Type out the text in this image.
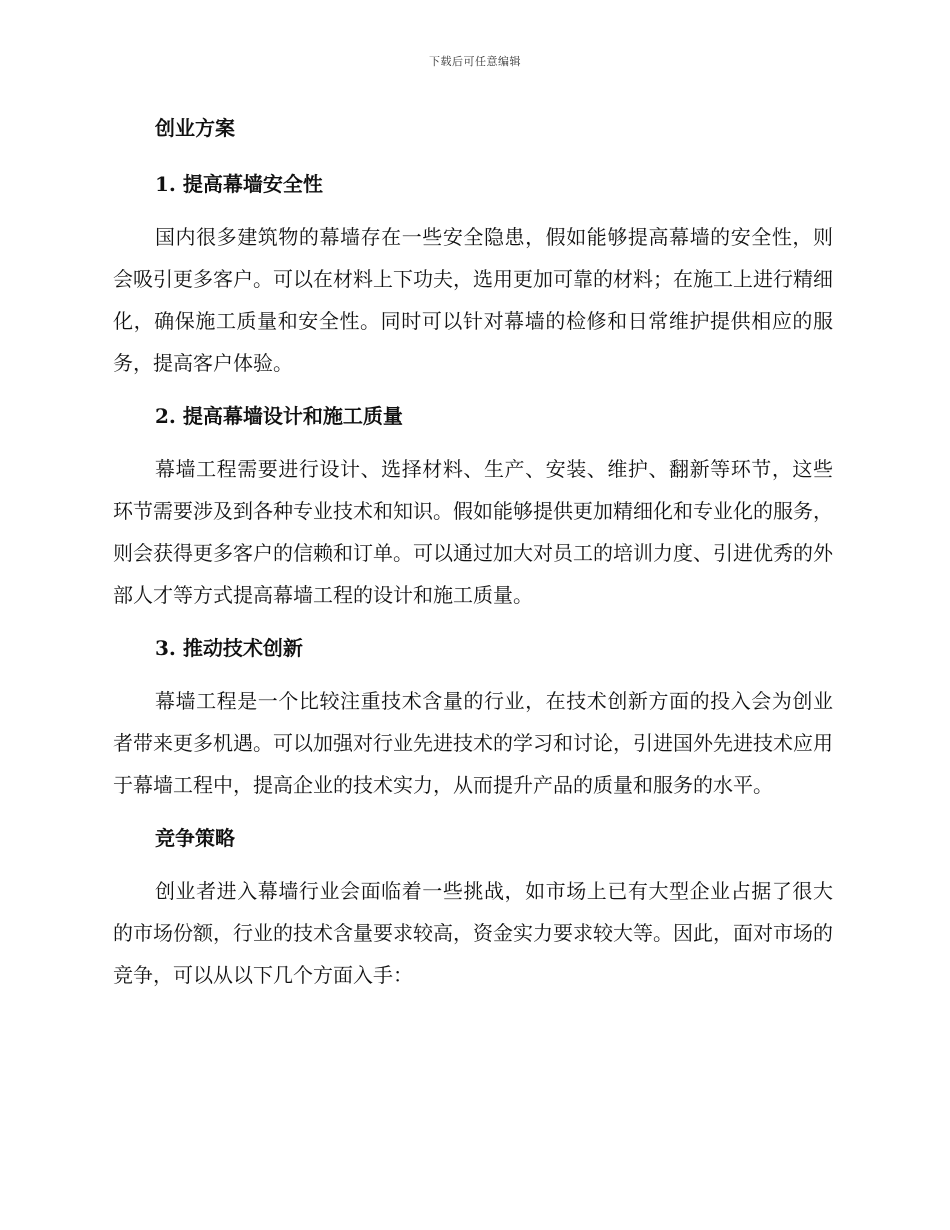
下载后可任意编辑
创业方案
1. 提高幕墙安全性

国内很多建筑物的幕墙存在一些安全隐患，假如能够提高幕墙的安全性，则会吸引更多客户。可以在材料上下功夫，选用更加可靠的材料；在施工上进行精细化，确保施工质量和安全性。同时可以针对幕墙的检修和日常维护提供相应的服务，提高客户体验。

2. 提高幕墙设计和施工质量

幕墙工程需要进行设计、选择材料、生产、安装、维护、翻新等环节，这些环节需要涉及到各种专业技术和知识。假如能够提供更加精细化和专业化的服务，则会获得更多客户的信赖和订单。可以通过加大对员工的培训力度、引进优秀的外部人才等方式提高幕墙工程的设计和施工质量。

3. 推动技术创新

幕墙工程是一个比较注重技术含量的行业，在技术创新方面的投入会为创业者带来更多机遇。可以加强对行业先进技术的学习和讨论，引进国外先进技术应用于幕墙工程中，提高企业的技术实力，从而提升产品的质量和服务的水平。

竞争策略

创业者进入幕墙行业会面临着一些挑战，如市场上已有大型企业占据了很大的市场份额，行业的技术含量要求较高，资金实力要求较大等。因此，面对市场的竞争，可以从以下几个方面入手：
